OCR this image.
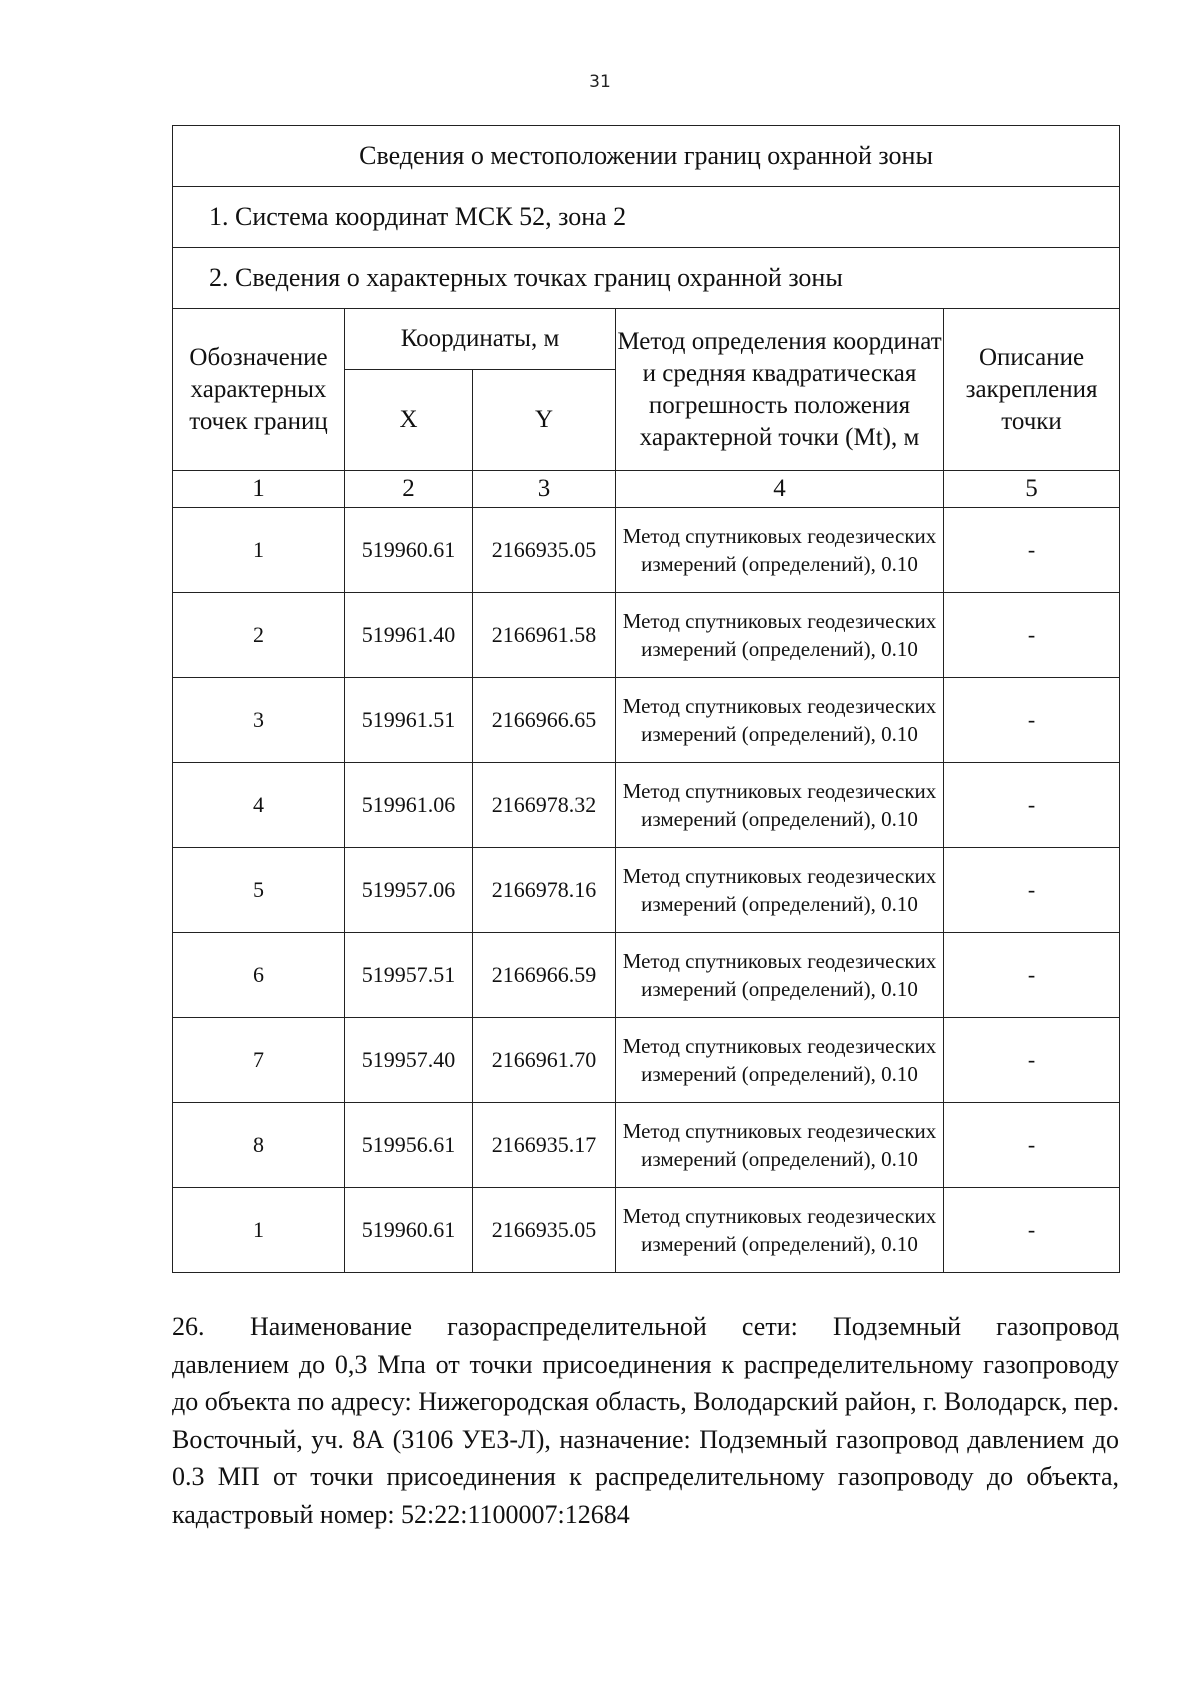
31
Сведения о местоположении границ охранной зоны				
1. Система координат МСК 52, зона 2				
2. Сведения о характерных точках границ охранной зоны				
Обозначение характерных точек границ	Координаты, м		Метод определения координат и средняя квадратическая погрешность положения характерной точки (Mt), м	Описание закрепления точки
	X	Y		
1	2	3	4	5
1	519960.61	2166935.05	Метод спутниковых геодезических измерений (определений), 0.10	-
2	519961.40	2166961.58	Метод спутниковых геодезических измерений (определений), 0.10	-
3	519961.51	2166966.65	Метод спутниковых геодезических измерений (определений), 0.10	-
4	519961.06	2166978.32	Метод спутниковых геодезических измерений (определений), 0.10	-
5	519957.06	2166978.16	Метод спутниковых геодезических измерений (определений), 0.10	-
6	519957.51	2166966.59	Метод спутниковых геодезических измерений (определений), 0.10	-
7	519957.40	2166961.70	Метод спутниковых геодезических измерений (определений), 0.10	-
8	519956.61	2166935.17	Метод спутниковых геодезических измерений (определений), 0.10	-
1	519960.61	2166935.05	Метод спутниковых геодезических измерений (определений), 0.10	-
26. Наименование газораспределительной сети: Подземный газопровод давлением до 0,3 Мпа от точки присоединения к распределительному газопроводу до объекта по адресу: Нижегородская область, Володарский район, г. Володарск, пер. Восточный, уч. 8А (3106 УЕЗ-Л), назначение: Подземный газопровод давлением до 0.3 МП от точки присоединения к распределительному газопроводу до объекта, кадастровый номер: 52:22:1100007:12684
